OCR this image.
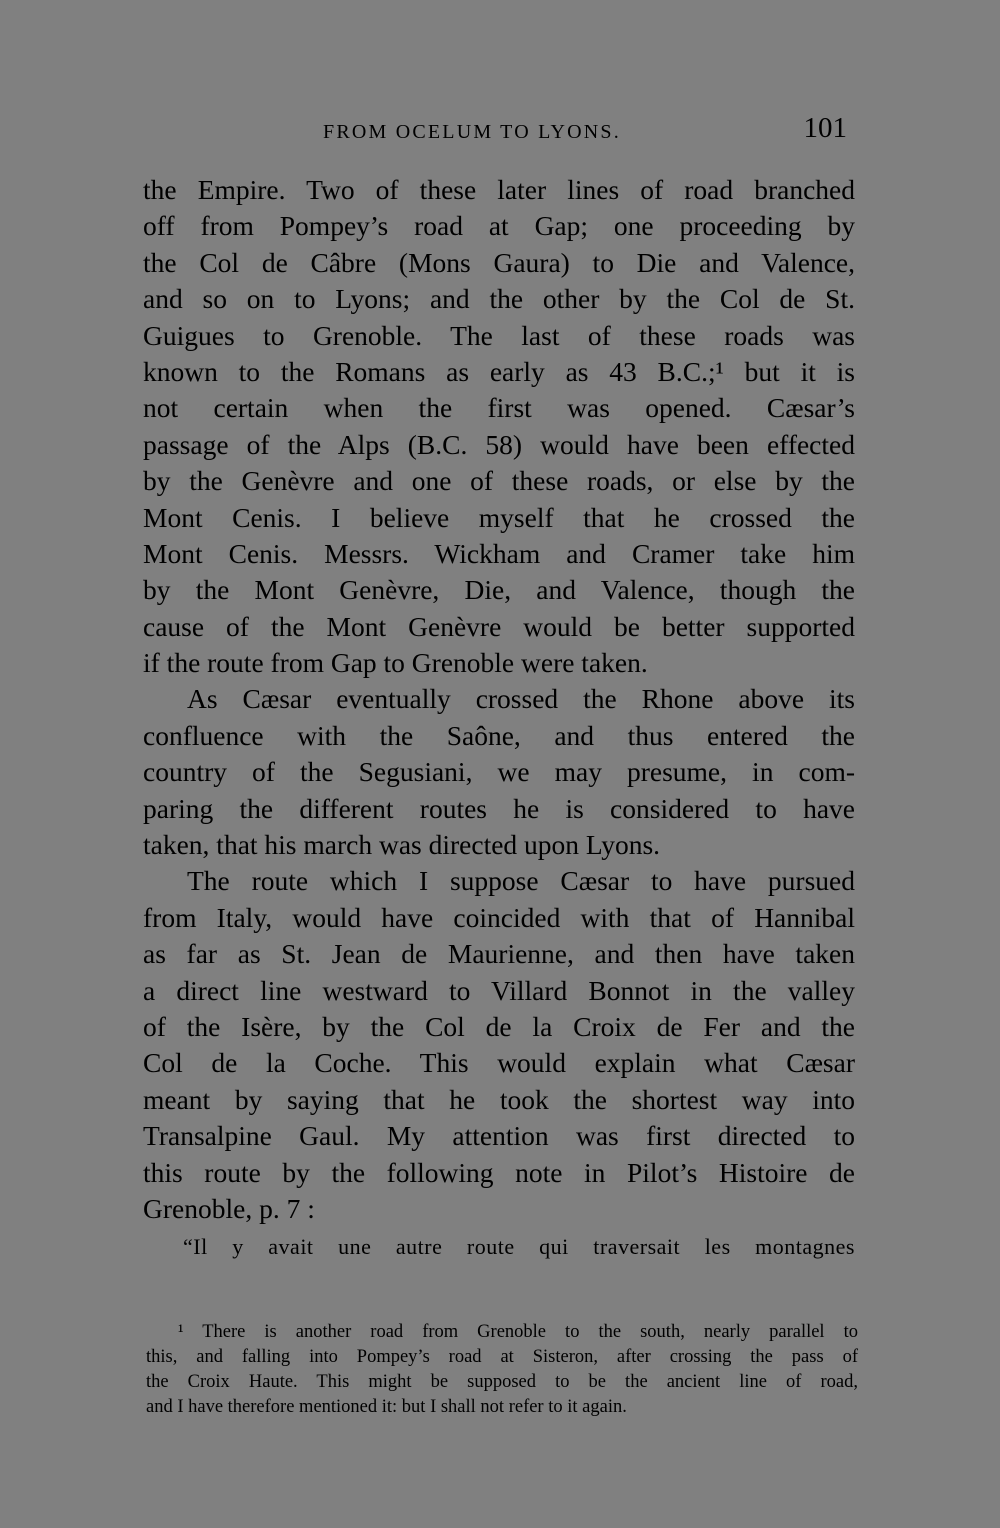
FROM OCELUM TO LYONS.	101
the Empire. Two of these later lines of road branched
off from Pompey’s road at Gap; one proceeding by
the Col de Câbre (Mons Gaura) to Die and Valence,
and so on to Lyons; and the other by the Col de St.
Guigues to Grenoble. The last of these roads was
known to the Romans as early as 43 B.C.;¹ but it is
not certain when the first was opened. Cæsar’s
passage of the Alps (B.C. 58) would have been effected
by the Genèvre and one of these roads, or else by the
Mont Cenis. I believe myself that he crossed the
Mont Cenis. Messrs. Wickham and Cramer take him
by the Mont Genèvre, Die, and Valence, though the
cause of the Mont Genèvre would be better supported
if the route from Gap to Grenoble were taken.
As Cæsar eventually crossed the Rhone above its
confluence with the Saône, and thus entered the
country of the Segusiani, we may presume, in com-
paring the different routes he is considered to have
taken, that his march was directed upon Lyons.
The route which I suppose Cæsar to have pursued
from Italy, would have coincided with that of Hannibal
as far as St. Jean de Maurienne, and then have taken
a direct line westward to Villard Bonnot in the valley
of the Isère, by the Col de la Croix de Fer and the
Col de la Coche. This would explain what Cæsar
meant by saying that he took the shortest way into
Transalpine Gaul. My attention was first directed to
this route by the following note in Pilot’s Histoire de
Grenoble, p. 7 :
“Il y avait une autre route qui traversait les montagnes
¹ There is another road from Grenoble to the south, nearly parallel to
this, and falling into Pompey’s road at Sisteron, after crossing the pass of
the Croix Haute. This might be supposed to be the ancient line of road,
and I have therefore mentioned it: but I shall not refer to it again.
